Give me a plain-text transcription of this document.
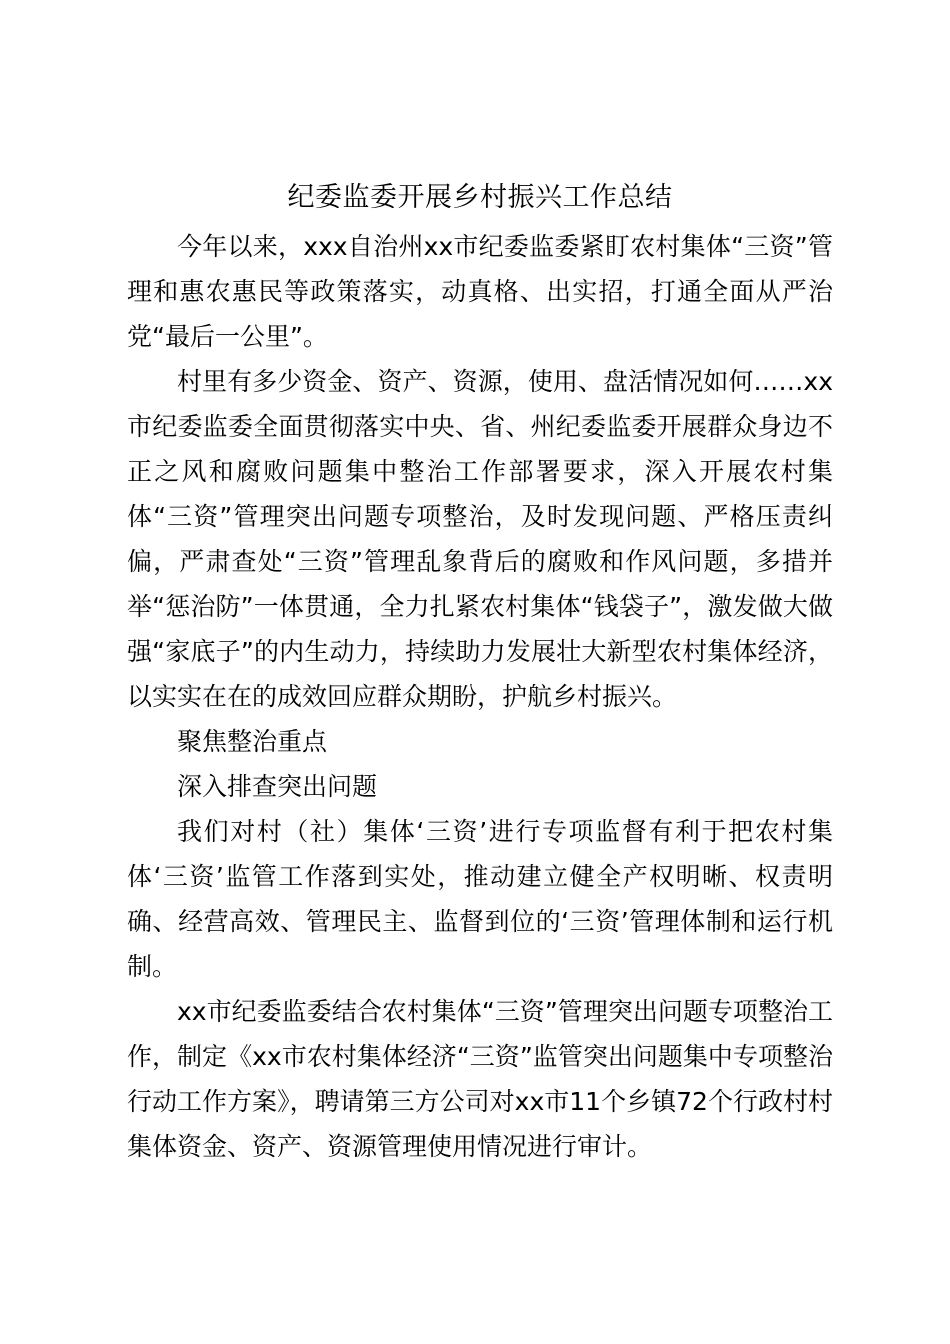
纪委监委开展乡村振兴工作总结

今年以来，xxx自治州xx市纪委监委紧盯农村集体“三资”管理和惠农惠民等政策落实，动真格、出实招，打通全面从严治党“最后一公里”。

村里有多少资金、资产、资源，使用、盘活情况如何……xx市纪委监委全面贯彻落实中央、省、州纪委监委开展群众身边不正之风和腐败问题集中整治工作部署要求，深入开展农村集体“三资”管理突出问题专项整治，及时发现问题、严格压责纠偏，严肃查处“三资”管理乱象背后的腐败和作风问题，多措并举“惩治防”一体贯通，全力扎紧农村集体“钱袋子”，激发做大做强“家底子”的内生动力，持续助力发展壮大新型农村集体经济，以实实在在的成效回应群众期盼，护航乡村振兴。

聚焦整治重点

深入排查突出问题

我们对村（社）集体‘三资’进行专项监督有利于把农村集体‘三资’监管工作落到实处，推动建立健全产权明晰、权责明确、经营高效、管理民主、监督到位的‘三资’管理体制和运行机制。

xx市纪委监委结合农村集体“三资”管理突出问题专项整治工作，制定《xx市农村集体经济“三资”监管突出问题集中专项整治行动工作方案》，聘请第三方公司对xx市11个乡镇72个行政村村集体资金、资产、资源管理使用情况进行审计。
